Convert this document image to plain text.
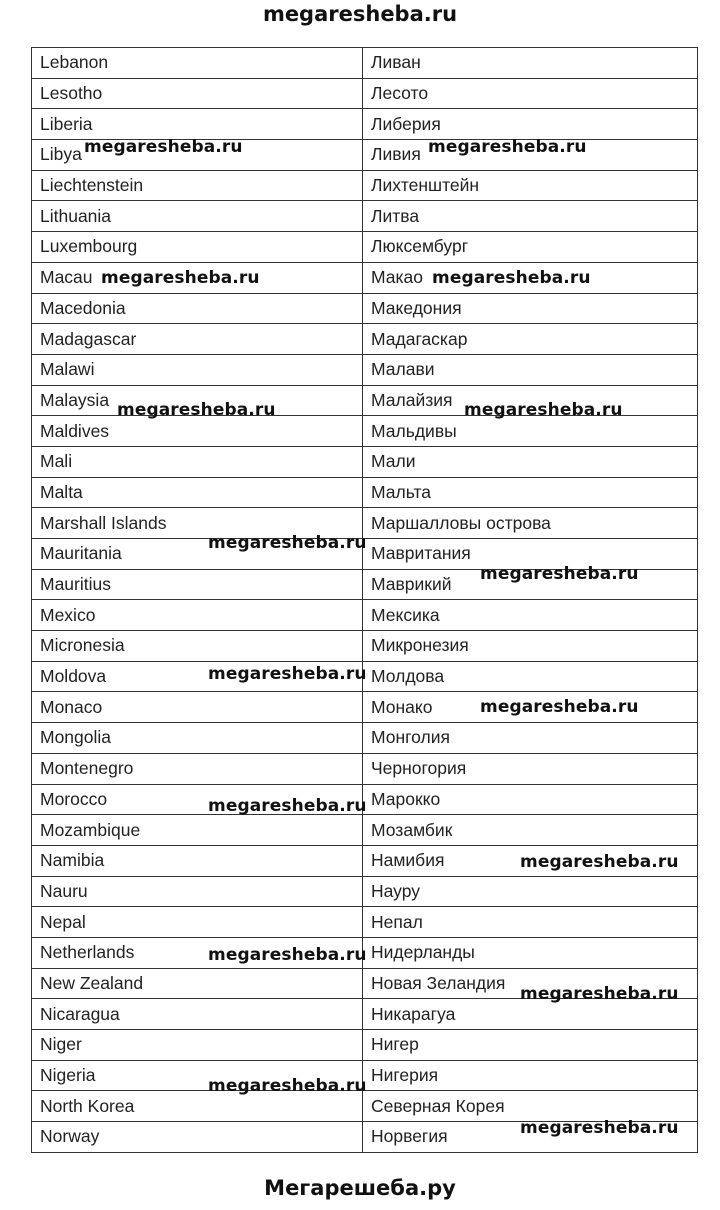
megaresheba.ru
Lebanon	Ливан
Lesotho	Лесото
Liberia	Либерия
Libya	Ливия
Liechtenstein	Лихтенштейн
Lithuania	Литва
Luxembourg	Люксембург
Macau	Макао
Macedonia	Македония
Madagascar	Мадагаскар
Malawi	Малави
Malaysia	Малайзия
Maldives	Мальдивы
Mali	Мали
Malta	Мальта
Marshall Islands	Маршалловы острова
Mauritania	Мавритания
Mauritius	Маврикий
Mexico	Мексика
Micronesia	Микронезия
Moldova	Молдова
Monaco	Монако
Mongolia	Монголия
Montenegro	Черногория
Morocco	Марокко
Mozambique	Мозамбик
Namibia	Намибия
Nauru	Науру
Nepal	Непал
Netherlands	Нидерланды
New Zealand	Новая Зеландия
Nicaragua	Никарагуа
Niger	Нигер
Nigeria	Нигерия
North Korea	Северная Корея
Norway	Норвегия
megaresheba.ru	megaresheba.ru
megaresheba.ru	megaresheba.ru
megaresheba.ru	megaresheba.ru
megaresheba.ru
megaresheba.ru
megaresheba.ru
megaresheba.ru
megaresheba.ru
megaresheba.ru
megaresheba.ru
megaresheba.ru
megaresheba.ru
megaresheba.ru
Мегарешеба.ру
